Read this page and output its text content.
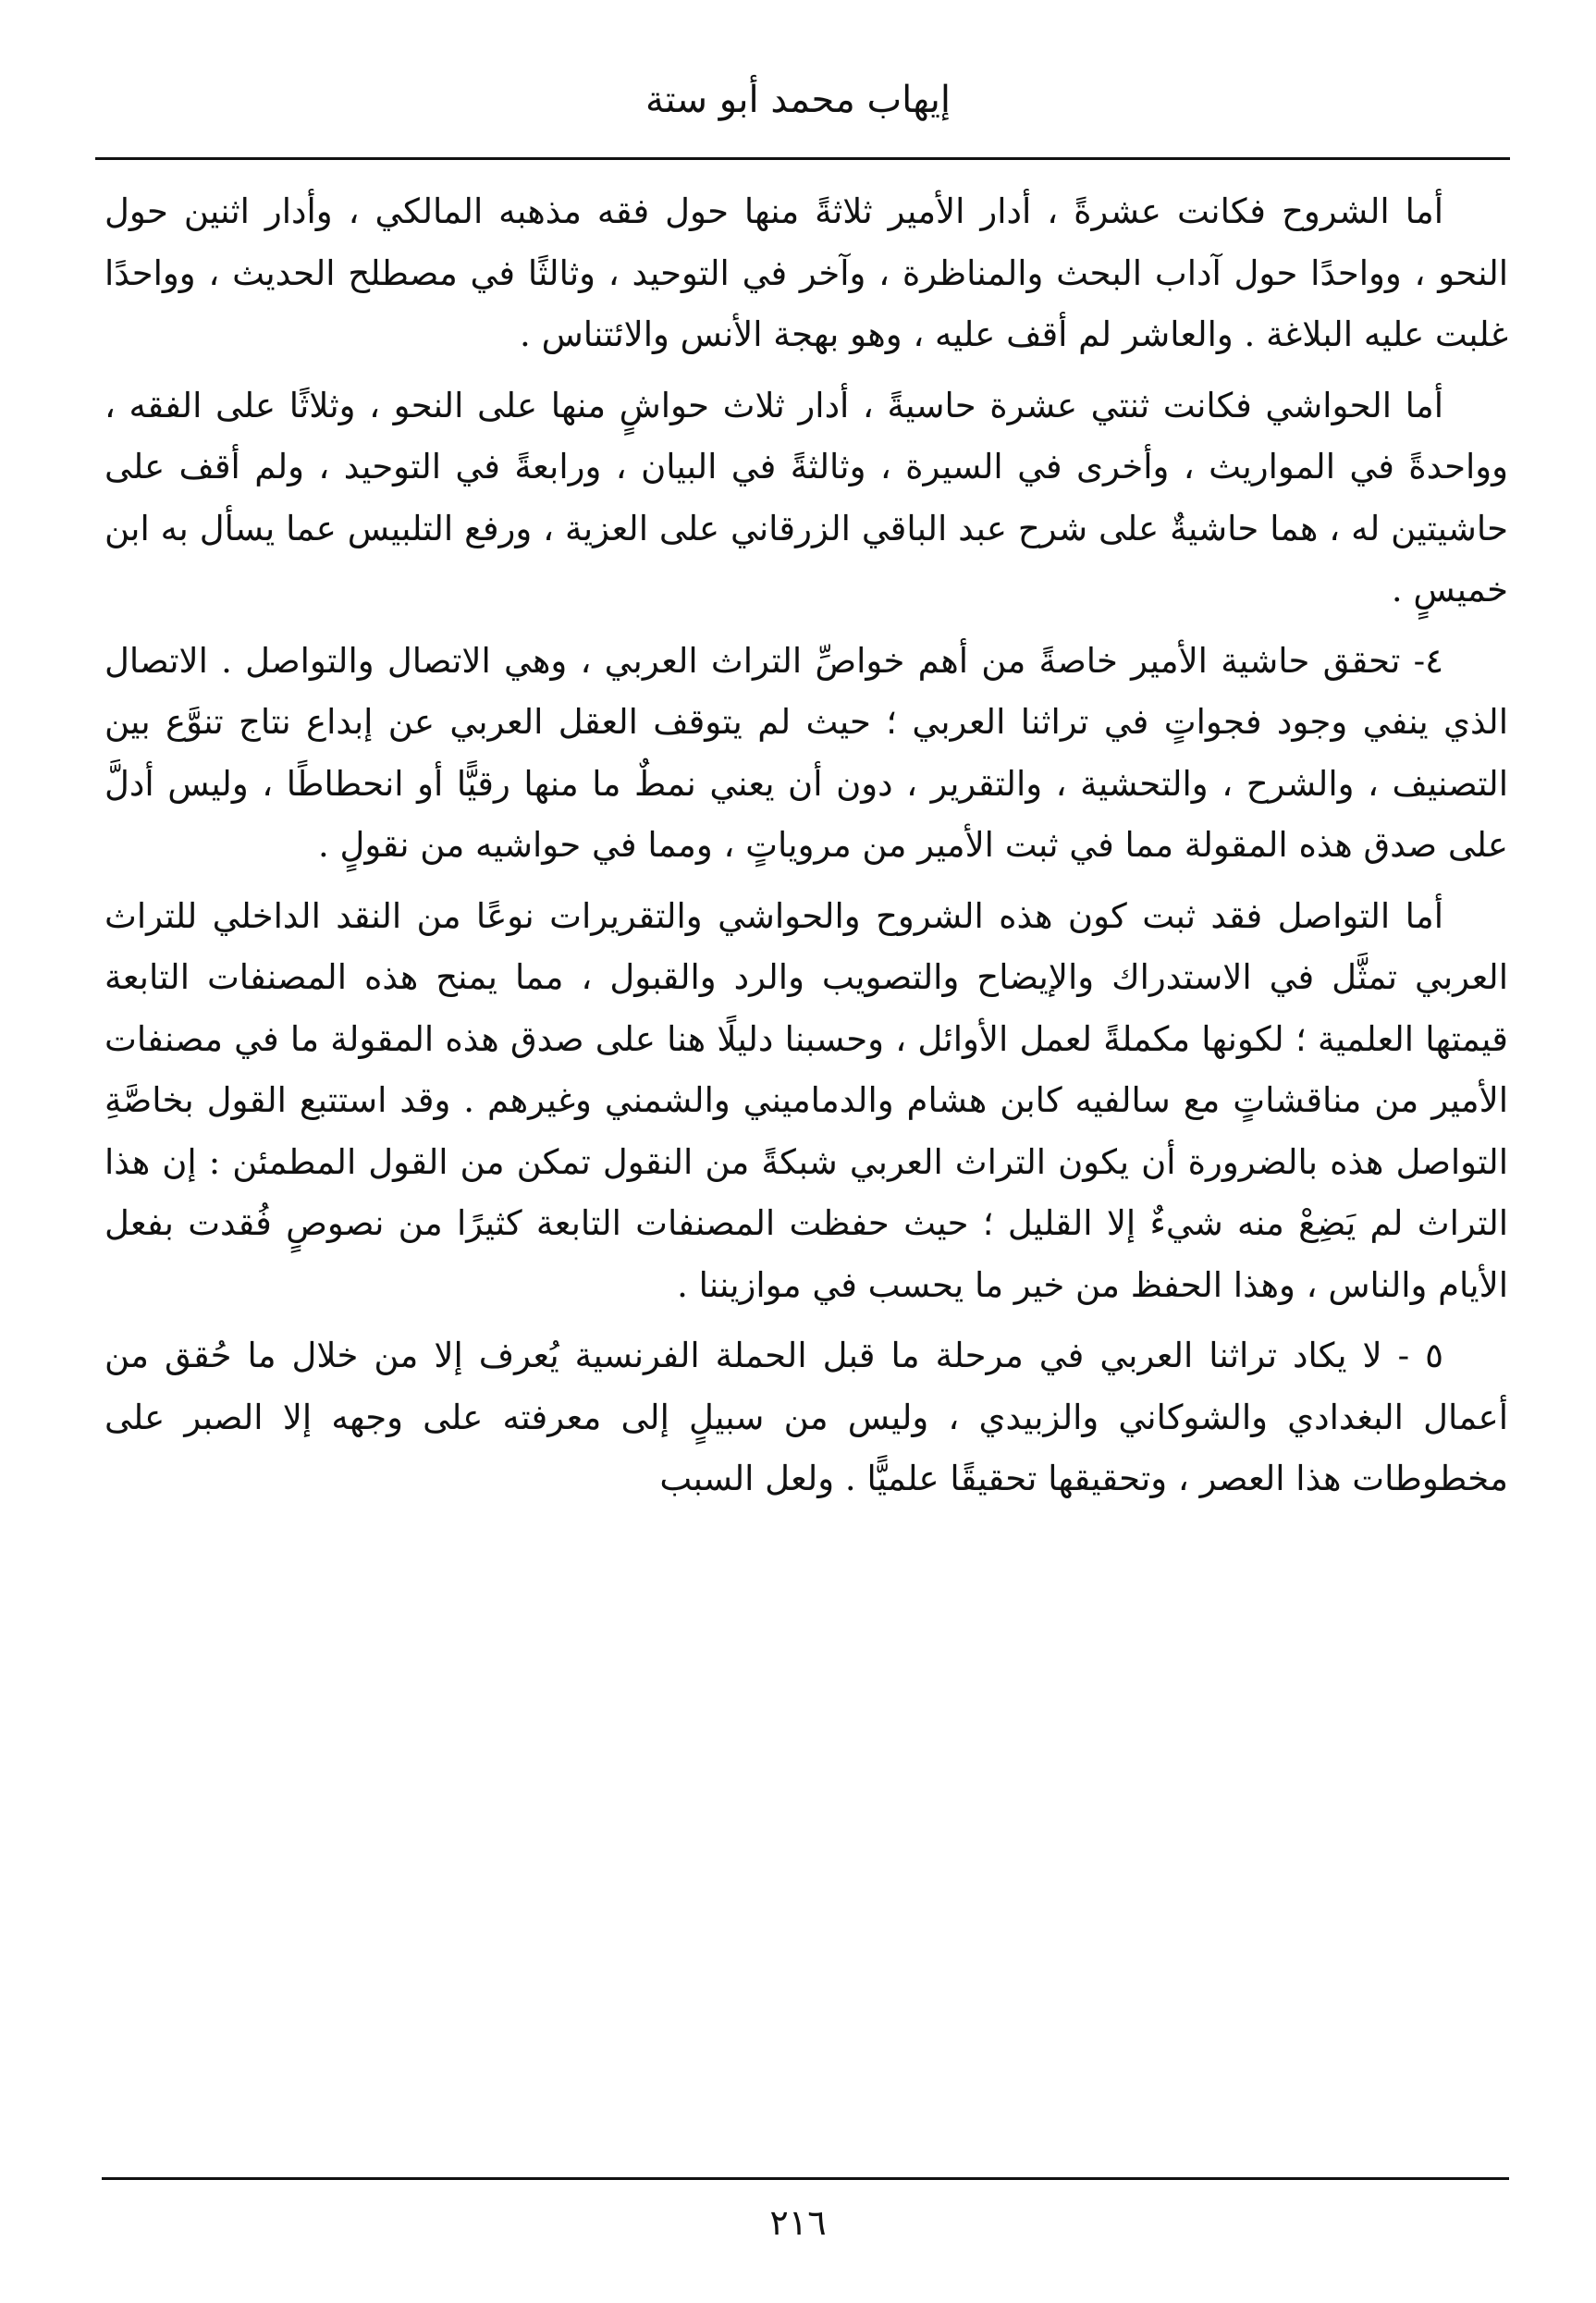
إيهاب محمد أبو ستة

أما الشروح فكانت عشرةً ، أدار الأمير ثلاثةً منها حول فقه مذهبه المالكي ، وأدار اثنين حول النحو ، وواحدًا حول آداب البحث والمناظرة ، وآخر في التوحيد ، وثالثًا في مصطلح الحديث ، وواحدًا غلبت عليه البلاغة . والعاشر لم أقف عليه ، وهو بهجة الأنس والائتناس .

أما الحواشي فكانت ثنتي عشرة حاسيةً ، أدار ثلاث حواشٍ منها على النحو ، وثلاثًا على الفقه ، وواحدةً في المواريث ، وأخرى في السيرة ، وثالثةً في البيان ، ورابعةً في التوحيد ، ولم أقف على حاشيتين له ، هما حاشيةٌ على شرح عبد الباقي الزرقاني على العزية ، ورفع التلبيس عما يسأل به ابن خميسٍ .

٤- تحقق حاشية الأمير خاصةً من أهم خواصِّ التراث العربي ، وهي الاتصال والتواصل . الاتصال الذي ينفي وجود فجواتٍ في تراثنا العربي ؛ حيث لم يتوقف العقل العربي عن إبداع نتاج تنوَّع بين التصنيف ، والشرح ، والتحشية ، والتقرير ، دون أن يعني نمطٌ ما منها رقيًّا أو انحطاطًا ، وليس أدلَّ على صدق هذه المقولة مما في ثبت الأمير من مروياتٍ ، ومما في حواشيه من نقولٍ .

أما التواصل فقد ثبت كون هذه الشروح والحواشي والتقريرات نوعًا من النقد الداخلي للتراث العربي تمثَّل في الاستدراك والإيضاح والتصويب والرد والقبول ، مما يمنح هذه المصنفات التابعة قيمتها العلمية ؛ لكونها مكملةً لعمل الأوائل ، وحسبنا دليلًا هنا على صدق هذه المقولة ما في مصنفات الأمير من مناقشاتٍ مع سالفيه كابن هشام والدماميني والشمني وغيرهم . وقد استتبع القول بخاصَّةِ التواصل هذه بالضرورة أن يكون التراث العربي شبكةً من النقول تمكن من القول المطمئن : إن هذا التراث لم يَضِعْ منه شيءٌ إلا القليل ؛ حيث حفظت المصنفات التابعة كثيرًا من نصوصٍ فُقدت بفعل الأيام والناس ، وهذا الحفظ من خير ما يحسب في موازيننا .

٥ - لا يكاد تراثنا العربي في مرحلة ما قبل الحملة الفرنسية يُعرف إلا من خلال ما حُقق من أعمال البغدادي والشوكاني والزبيدي ، وليس من سبيلٍ إلى معرفته على وجهه إلا الصبر على مخطوطات هذا العصر ، وتحقيقها تحقيقًا علميًّا . ولعل السبب

٢١٦
